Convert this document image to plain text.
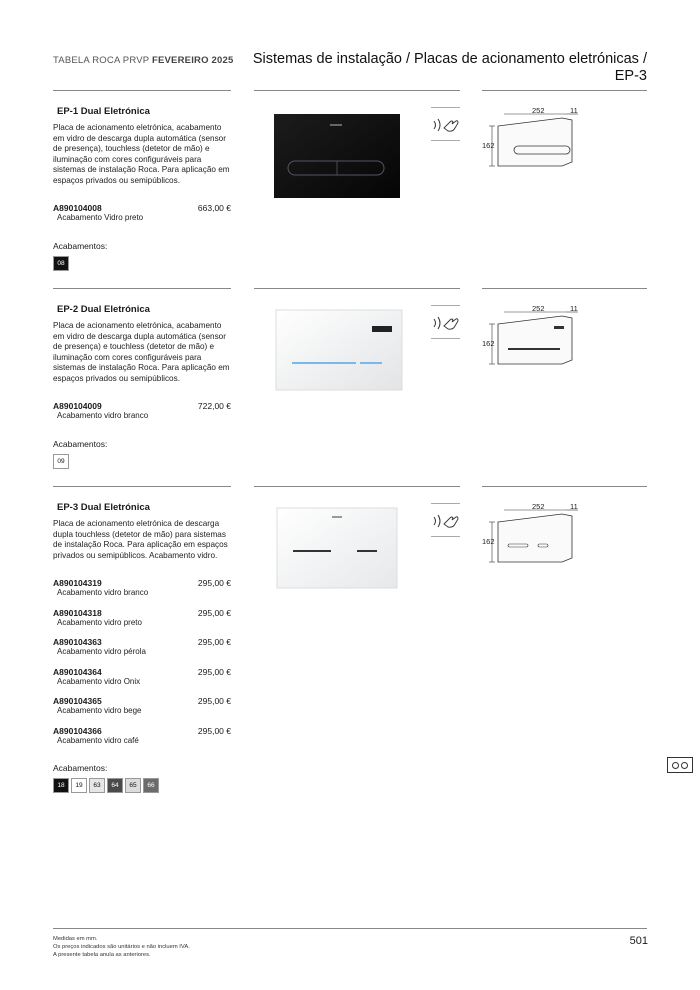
TABELA ROCA PRVP FEVEREIRO 2025	Sistemas de instalação / Placas de acionamento eletrónicas / EP-3
EP-1 Dual Eletrónica
Placa de acionamento eletrónica, acabamento em vidro de descarga dupla automática (sensor de presença), touchless (detetor de mão) e iluminação com cores configuráveis para sistemas de instalação Roca. Para aplicação em espaços privados ou semipúblicos.
A890104008	663,00 €
Acabamento Vidro preto
Acabamentos:
08
252	11
162
EP-2 Dual Eletrónica
Placa de acionamento eletrónica, acabamento em vidro de descarga dupla automática (sensor de presença) e touchless (detetor de mão) e iluminação com cores configuráveis para sistemas de instalação Roca. Para aplicação em espaços privados ou semipúblicos.
A890104009	722,00 €
Acabamento vidro branco
Acabamentos:
09
252	11
162
EP-3 Dual Eletrónica
Placa de acionamento eletrónica de descarga dupla touchless (detetor de mão) para sistemas de instalação Roca. Para aplicação em espaços privados ou semipúblicos. Acabamento vidro.
A890104319	295,00 €
Acabamento vidro branco
A890104318	295,00 €
Acabamento vidro preto
A890104363	295,00 €
Acabamento vidro pérola
A890104364	295,00 €
Acabamento vidro Onix
A890104365	295,00 €
Acabamento vidro bege
A890104366	295,00 €
Acabamento vidro café
Acabamentos:
18	19	63	64	65	66
252	11
162
Medidas em mm.
Os preços indicados são unitários e não incluem IVA.
A presente tabela anula as anteriores.
501
